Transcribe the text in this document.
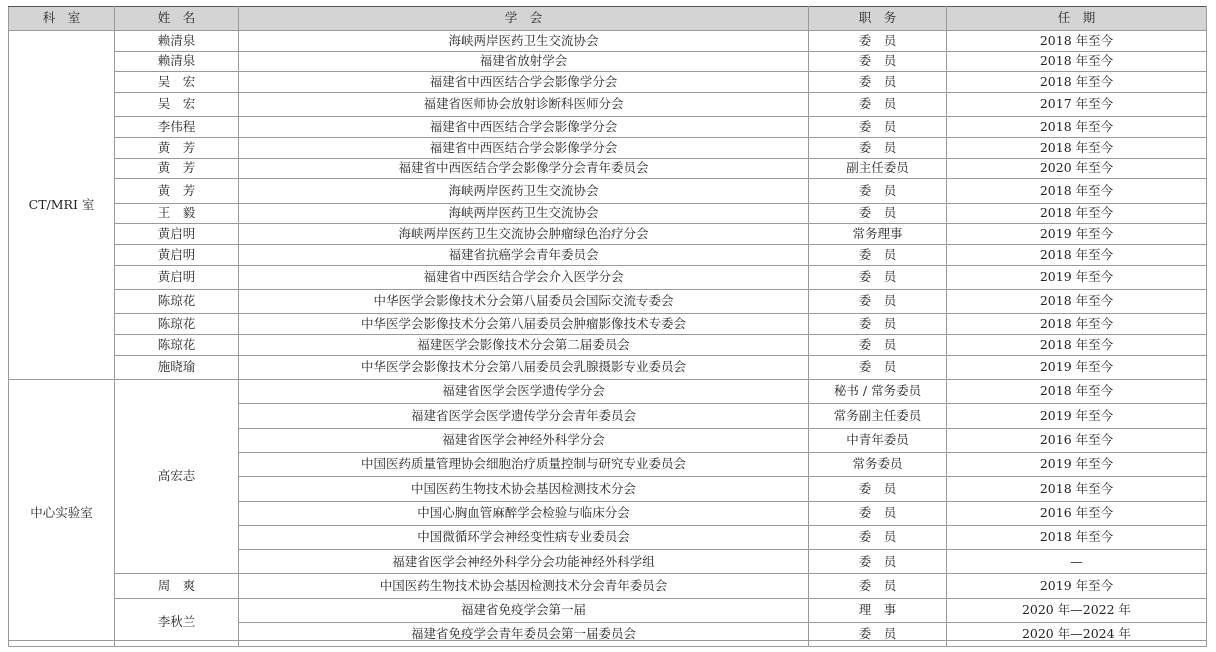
科　室	姓　名	学　会	职　务	任　期
CT/MRI 室	赖清泉	海峡两岸医药卫生交流协会	委　员	2018 年至今
	赖清泉	福建省放射学会	委　员	2018 年至今
	吴　宏	福建省中西医结合学会影像学分会	委　员	2018 年至今
	吴　宏	福建省医师协会放射诊断科医师分会	委　员	2017 年至今
	李伟程	福建省中西医结合学会影像学分会	委　员	2018 年至今
	黄　芳	福建省中西医结合学会影像学分会	委　员	2018 年至今
	黄　芳	福建省中西医结合学会影像学分会青年委员会	副主任委员	2020 年至今
	黄　芳	海峡两岸医药卫生交流协会	委　员	2018 年至今
	王　毅	海峡两岸医药卫生交流协会	委　员	2018 年至今
	黄启明	海峡两岸医药卫生交流协会肿瘤绿色治疗分会	常务理事	2019 年至今
	黄启明	福建省抗癌学会青年委员会	委　员	2018 年至今
	黄启明	福建省中西医结合学会介入医学分会	委　员	2019 年至今
	陈琼花	中华医学会影像技术分会第八届委员会国际交流专委会	委　员	2018 年至今
	陈琼花	中华医学会影像技术分会第八届委员会肿瘤影像技术专委会	委　员	2018 年至今
	陈琼花	福建医学会影像技术分会第二届委员会	委　员	2018 年至今
	施晓瑜	中华医学会影像技术分会第八届委员会乳腺摄影专业委员会	委　员	2019 年至今
中心实验室	高宏志	福建省医学会医学遗传学分会	秘书 / 常务委员	2018 年至今
		福建省医学会医学遗传学分会青年委员会	常务副主任委员	2019 年至今
		福建省医学会神经外科学分会	中青年委员	2016 年至今
		中国医药质量管理协会细胞治疗质量控制与研究专业委员会	常务委员	2019 年至今
		中国医药生物技术协会基因检测技术分会	委　员	2018 年至今
		中国心胸血管麻醉学会检验与临床分会	委　员	2016 年至今
		中国微循环学会神经变性病专业委员会	委　员	2018 年至今
		福建省医学会神经外科学分会功能神经外科学组	委　员	—
	周　爽	中国医药生物技术协会基因检测技术分会青年委员会	委　员	2019 年至今
	李秋兰	福建省免疫学会第一届	理　事	2020 年—2022 年
		福建省免疫学会青年委员会第一届委员会	委　员	2020 年—2024 年
